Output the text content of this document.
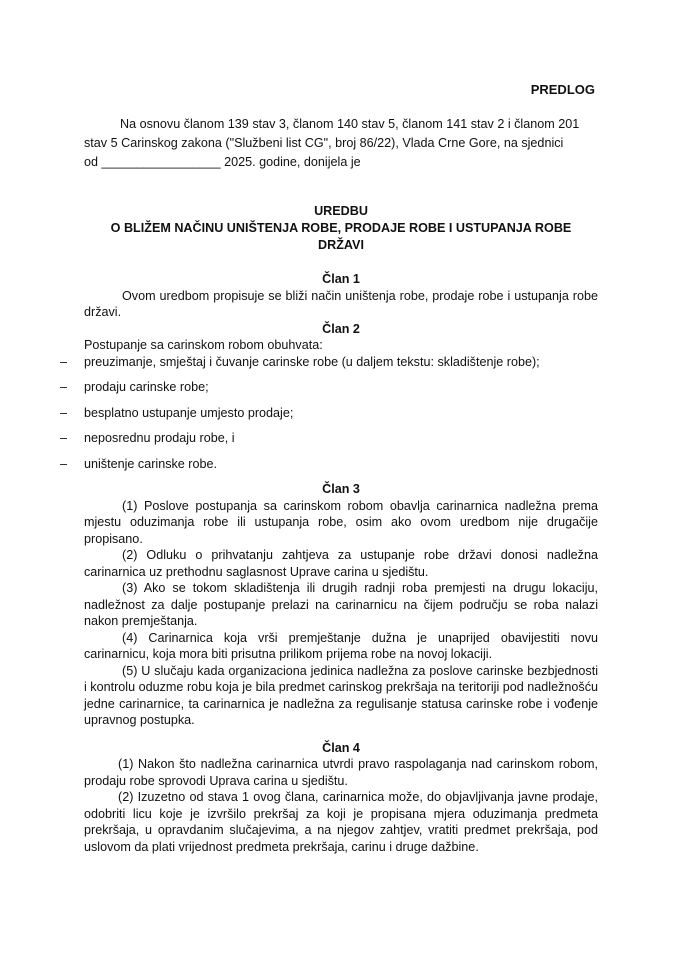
PREDLOG

Na osnovu članom 139 stav 3, članom 140 stav 5, članom 141 stav 2 i članom 201

stav 5 Carinskog zakona ("Službeni list CG", broj 86/22), Vlada Crne Gore, na sjednici

od _________________ 2025. godine, donijela je

UREDBU
O BLIŽEM NAČINU UNIŠTENJA ROBE, PRODAJE ROBE I USTUPANJA ROBE
DRŽAVI

Član 1

Ovom uredbom propisuje se bliži način uništenja robe, prodaje robe i ustupanja robe državi.

Član 2

Postupanje sa carinskom robom obuhvata:

– preuzimanje, smještaj i čuvanje carinske robe (u daljem tekstu: skladištenje robe);
– prodaju carinske robe;
– besplatno ustupanje umjesto prodaje;
– neposrednu prodaju robe, i
– uništenje carinske robe.

Član 3

(1) Poslove postupanja sa carinskom robom obavlja carinarnica nadležna prema mjestu oduzimanja robe ili ustupanja robe, osim ako ovom uredbom nije drugačije propisano.

(2) Odluku o prihvatanju zahtjeva za ustupanje robe državi donosi nadležna carinarnica uz prethodnu saglasnost Uprave carina u sjedištu.

(3) Ako se tokom skladištenja ili drugih radnji roba premjesti na drugu lokaciju, nadležnost za dalje postupanje prelazi na carinarnicu na čijem području se roba nalazi nakon premještanja.

(4) Carinarnica koja vrši premještanje dužna je unaprijed obavijestiti novu carinarnicu, koja mora biti prisutna prilikom prijema robe na novoj lokaciji.

(5) U slučaju kada organizaciona jedinica nadležna za poslove carinske bezbjednosti i kontrolu oduzme robu koja je bila predmet carinskog prekršaja na teritoriji pod nadležnošću jedne carinarnice, ta carinarnica je nadležna za regulisanje statusa carinske robe i vođenje upravnog postupka.

Član 4

(1) Nakon što nadležna carinarnica utvrdi pravo raspolaganja nad carinskom robom, prodaju robe sprovodi Uprava carina u sjedištu.

(2) Izuzetno od stava 1 ovog člana, carinarnica može, do objavljivanja javne prodaje, odobriti licu koje je izvršilo prekršaj za koji je propisana mjera oduzimanja predmeta prekršaja, u opravdanim slučajevima, a na njegov zahtjev, vratiti predmet prekršaja, pod uslovom da plati vrijednost predmeta prekršaja, carinu i druge dažbine.
